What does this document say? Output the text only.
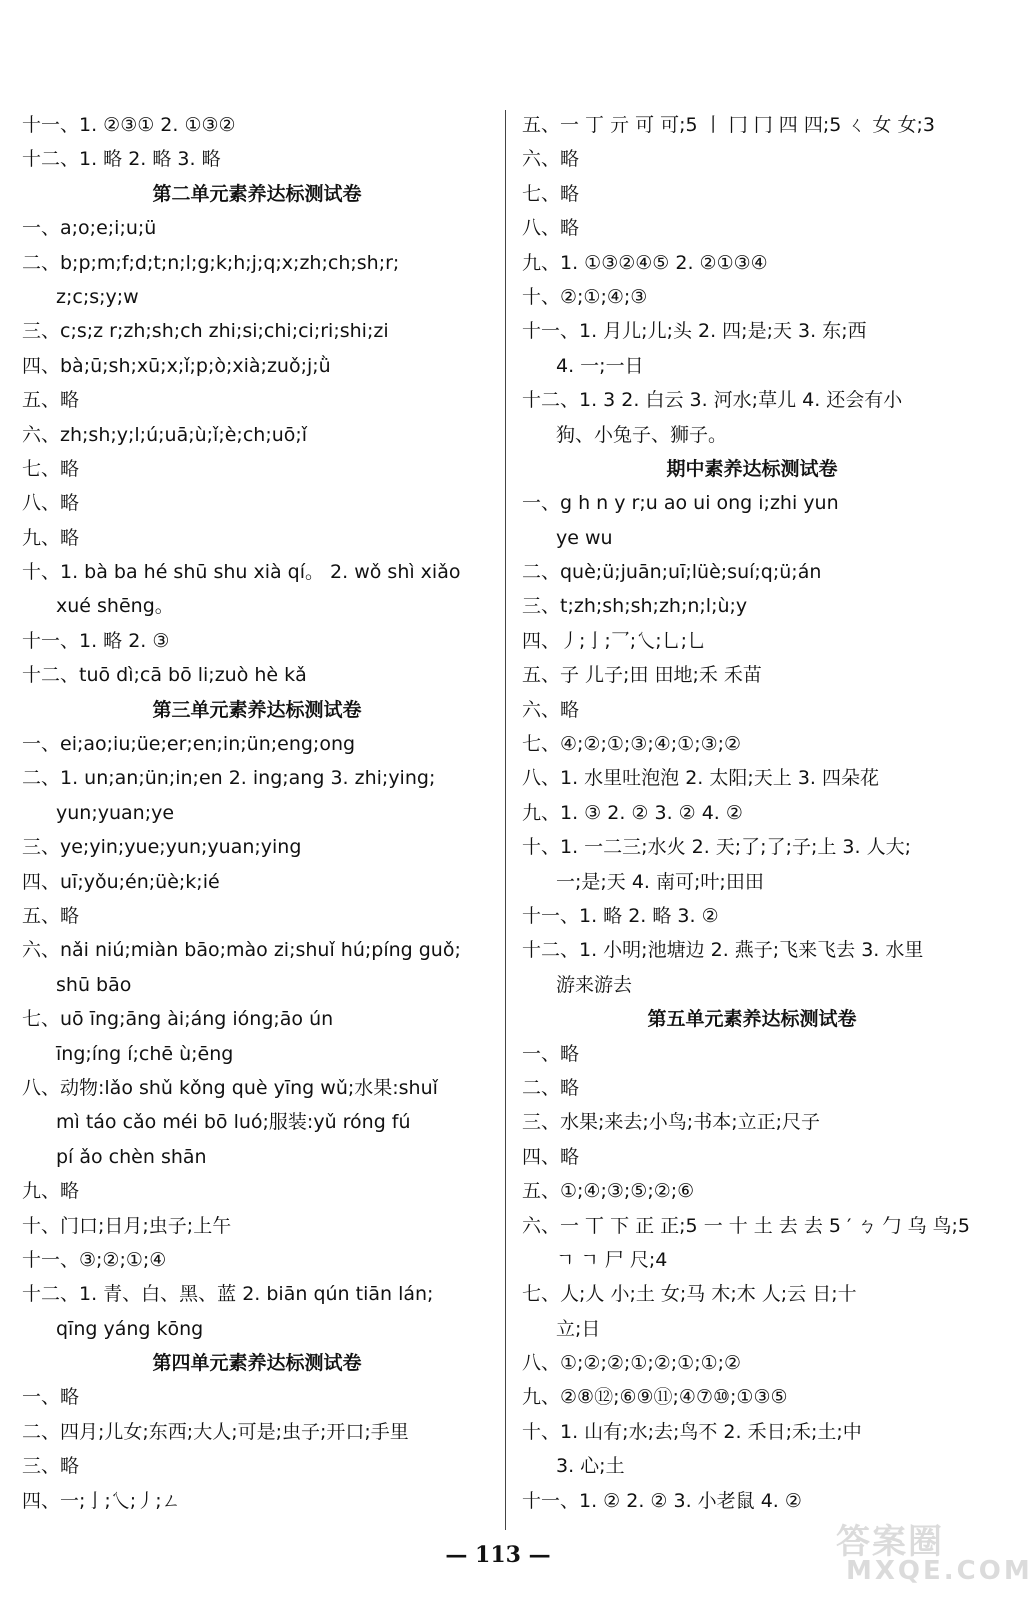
十一、1. ②③① 2. ①③②
十二、1. 略 2. 略 3. 略
第二单元素养达标测试卷
一、a;o;e;i;u;ü
二、b;p;m;f;d;t;n;l;g;k;h;j;q;x;zh;ch;sh;r;
z;c;s;y;w
三、c;s;z r;zh;sh;ch zhi;si;chi;ci;ri;shi;zi
四、bà;ū;sh;xū;x;ǐ;p;ò;xià;zuǒ;j;ǜ
五、略
六、zh;sh;y;l;ú;uā;ù;ǐ;è;ch;uō;ǐ
七、略
八、略
九、略
十、1. bà ba hé shū shu xià qí。 2. wǒ shì xiǎo
xué shēng。
十一、1. 略 2. ③
十二、tuō dì;cā bō li;zuò hè kǎ
第三单元素养达标测试卷
一、ei;ao;iu;üe;er;en;in;ün;eng;ong
二、1. un;an;ün;in;en 2. ing;ang 3. zhi;ying;
yun;yuan;ye
三、ye;yin;yue;yun;yuan;ying
四、uī;yǒu;én;üè;k;ié
五、略
六、nǎi niú;miàn bāo;mào zi;shuǐ hú;píng guǒ;
shū bāo
七、uō īng;āng ài;áng ióng;āo ún
īng;íng í;chē ù;ēng
八、动物:lǎo shǔ kǒng què yīng wǔ;水果:shuǐ
mì táo cǎo méi bō luó;服装:yǔ róng fú
pí ǎo chèn shān
九、略
十、门口;日月;虫子;上午
十一、③;②;①;④
十二、1. 青、白、黑、蓝 2. biān qún tiān lán;
qīng yáng kōng
第四单元素养达标测试卷
一、略
二、四月;儿女;东西;大人;可是;虫子;开口;手里
三、略
四、一;亅;乀;丿;ㄥ
五、一 丁 亓 可 可;5 丨 冂 冂 四 四;5 ㄑ 女 女;3
六、略
七、略
八、略
九、1. ①③②④⑤ 2. ②①③④
十、②;①;④;③
十一、1. 月儿;儿;头 2. 四;是;天 3. 东;西
4. 一;一日
十二、1. 3 2. 白云 3. 河水;草儿 4. 还会有小
狗、小兔子、狮子。
期中素养达标测试卷
一、g h n y r;u ao ui ong i;zhi yun
ye wu
二、què;ü;juān;uī;lüè;suí;q;ü;án
三、t;zh;sh;sh;zh;n;l;ù;y
四、丿;亅;乛;乀;乚;乚
五、子 儿子;田 田地;禾 禾苗
六、略
七、④;②;①;③;④;①;③;②
八、1. 水里吐泡泡 2. 太阳;天上 3. 四朵花
九、1. ③ 2. ② 3. ② 4. ②
十、1. 一二三;水火 2. 天;了;了;子;上 3. 人大;
一;是;天 4. 南可;叶;田田
十一、1. 略 2. 略 3. ②
十二、1. 小明;池塘边 2. 燕子;飞来飞去 3. 水里
游来游去
第五单元素养达标测试卷
一、略
二、略
三、水果;来去;小鸟;书本;立正;尺子
四、略
五、①;④;③;⑤;②;⑥
六、一 丅 下 正 正;5 一 十 土 去 去 5 ′ ㄅ 勹 乌 鸟;5
ㄱ ㄱ 尸 尺;4
七、人;人 小;土 女;马 木;木 人;云 日;十
立;日
八、①;②;②;①;②;①;①;②
九、②⑧⑫;⑥⑨⑪;④⑦⑩;①③⑤
十、1. 山有;水;去;鸟不 2. 禾日;禾;土;中
3. 心;土
十一、1. ② 2. ② 3. 小老鼠 4. ②
— 113 —	答案圈
MXQE.COM
